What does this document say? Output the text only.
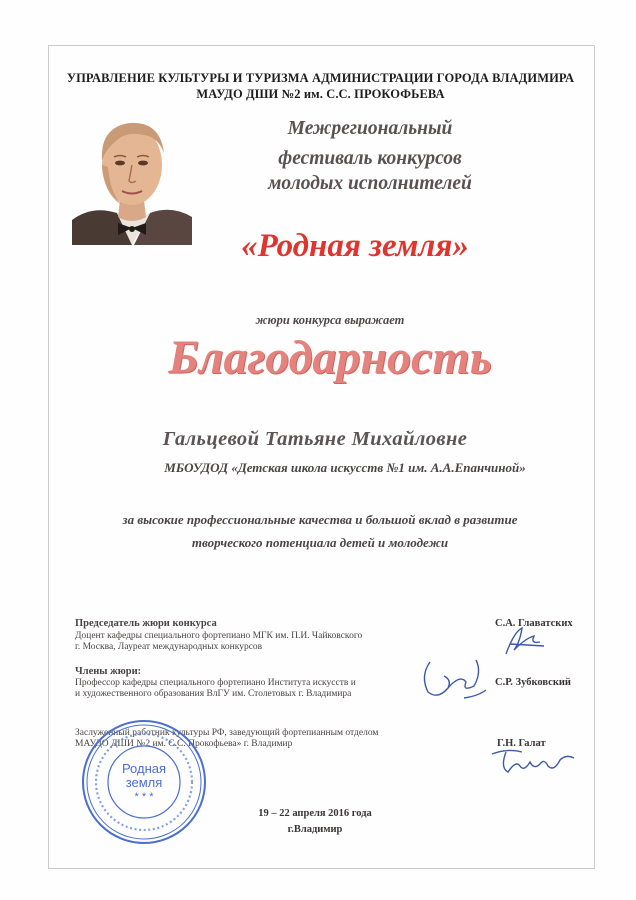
УПРАВЛЕНИЕ КУЛЬТУРЫ И ТУРИЗМА АДМИНИСТРАЦИИ ГОРОДА ВЛАДИМИРА
МАУДО ДШИ №2 им. С.С. ПРОКОФЬЕВА
Межрегиональный
фестиваль конкурсов
молодых исполнителей
«Родная земля»
жюри конкурса выражает
Благодарность
Гальцевой Татьяне Михайловне
МБОУДОД «Детская школа искусств №1 им. А.А.Епанчиной»
за высокие профессиональные качества и большой вклад в развитие
творческого потенциала детей и молодежи
Председатель жюри конкурса
Доцент кафедры специального фортепиано МГК им. П.И. Чайковского
г. Москва, Лауреат международных конкурсов
С.А. Главатских
Члены жюри:
Профессор кафедры специального фортепиано Института искусств и
и художественного образования ВлГУ им. Столетовых г. Владимира
С.Р. Зубковский
Заслуженный работник культуры РФ, заведующий фортепианным отделом
МАУДО ДШИ №2 им. С.С. Прокофьева» г. Владимир	Г.Н. Галат
Родная
земля
* * *
19 – 22 апреля 2016 года
г.Владимир
